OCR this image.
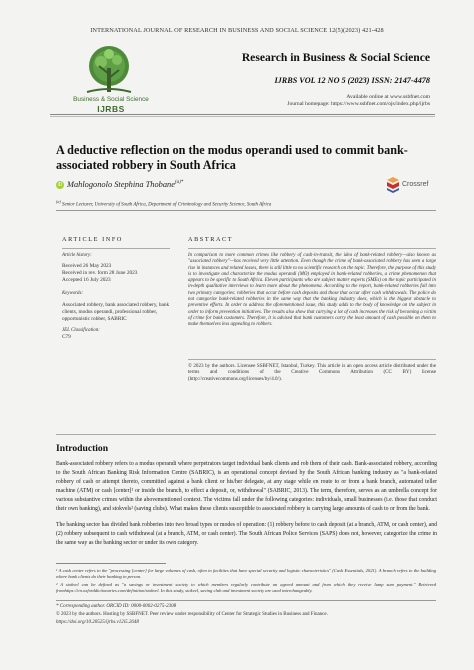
INTERNATIONAL JOURNAL OF RESEARCH IN BUSINESS AND SOCIAL SCIENCE 12(5)(2023) 421-428
Business & Social Science
IJRBS
Research in Business & Social Science
IJRBS VOL 12 NO 5 (2023) ISSN: 2147-4478
Available online at www.ssbfnet.com
Journal homepage: https://www.ssbfnet.com/ojs/index.php/ijrbs
A deductive reflection on the modus operandi used to commit bank-associated robbery in South Africa
iD Mahlogonolo Stephina Thobane$^{(a)*}$	Crossref
$^{(a)}$ Senior Lecturer, University of South Africa, Department of Criminology and Security Science, South Africa
ARTICLE INFO
Article history:
Received 26 May 2023
Received in rev. form 28 June 2023
Accepted 16 July 2023
Keywords:
Associated robbery, bank associated robbery, bank clients, modus operandi, professional robber, opportunistic robber, SABRIC
JEL Classification:
C79
ABSTRACT
In comparison to more common crimes like robbery of cash-in-transit, the idea of bank-related robbery—also known as "associated robbery"—has received very little attention. Even though the crime of bank-associated robbery has seen a large rise in instances and related losses, there is still little to no scientific research on the topic. Therefore, the purpose of this study is to investigate and characterize the modus operandi (MO) employed in bank-related robberies, a crime phenomenon that appears to be specific to South Africa. Eleven participants who are subject matter experts (SMEs) on the topic participated in in-depth qualitative interviews to learn more about the phenomena. According to the report, bank-related robberies fall into two primary categories: robberies that occur before cash deposits and those that occur after cash withdrawals. The police do not categorize bank-related robberies in the same way that the banking industry does, which is the biggest obstacle to preventive efforts. In order to address the aforementioned issue, this study adds to the body of knowledge on the subject in order to inform prevention initiatives. The results also show that carrying a lot of cash increases the risk of becoming a victim of crime for bank customers. Therefore, it is advised that bank customers carry the least amount of cash possible on them to make themselves less appealing to robbers.
© 2023 by the authors. Licensee SSBFNET, Istanbul, Turkey. This article is an open access article distributed under the terms and conditions of the Creative Commons Attribution (CC BY) license (http://creativecommons.org/licenses/by/4.0/).
Introduction
Bank-associated robbery refers to a modus operandi where perpetrators target individual bank clients and rob them of their cash. Bank-associated robbery, according to the South African Banking Risk Information Centre (SABRIC), is an operational concept devised by the South African banking industry as "a bank-related robbery of cash or attempt thereto, committed against a bank client or his/her delegate, at any stage while en route to or from a bank branch, automated teller machine (ATM) or cash [center]¹ or inside the branch, to effect a deposit, or, withdrawal" (SABRIC, 2013). The term, therefore, serves as an umbrella concept for various substantive crimes within the abovementioned context. The victims fall under the following categories: individuals, small businesses (i.e. those that conduct their own banking), and stokvels² (saving clubs). What makes these clients susceptible to associated robbery is carrying large amounts of cash to or from the bank.
The banking sector has divided bank robberies into two broad types or modes of operation: (1) robbery before to cash deposit (at a branch, ATM, or cash center), and (2) robbery subsequent to cash withdrawal (at a branch, ATM, or cash center). The South African Police Services (SAPS) does not, however, categorize the crime in the same way as the banking sector or under its own category.
¹ A cash center refers to the "processing [center] for large volumes of cash, often in facilities that have special security and logistic characteristics" (Cash Essentials, 2021). A branch refers to the building where bank clients do their banking in person.
² A stokvel can be defined as "a savings or investment society to which members regularly contribute an agreed amount and from which they receive lump sum payment." Retrieved fromhttps://en.oxforddictionaries.com/definition/stokvel. In this study, stokvel, saving club and investment society are used interchangeably.
* Corresponding author. ORCID ID: 0000-0002-0275-2308
© 2023 by the authors. Hosting by SSBFNET. Peer review under responsibility of Center for Strategic Studies in Business and Finance.
https://doi.org/10.20525/ijrbs.v12i5.2648
